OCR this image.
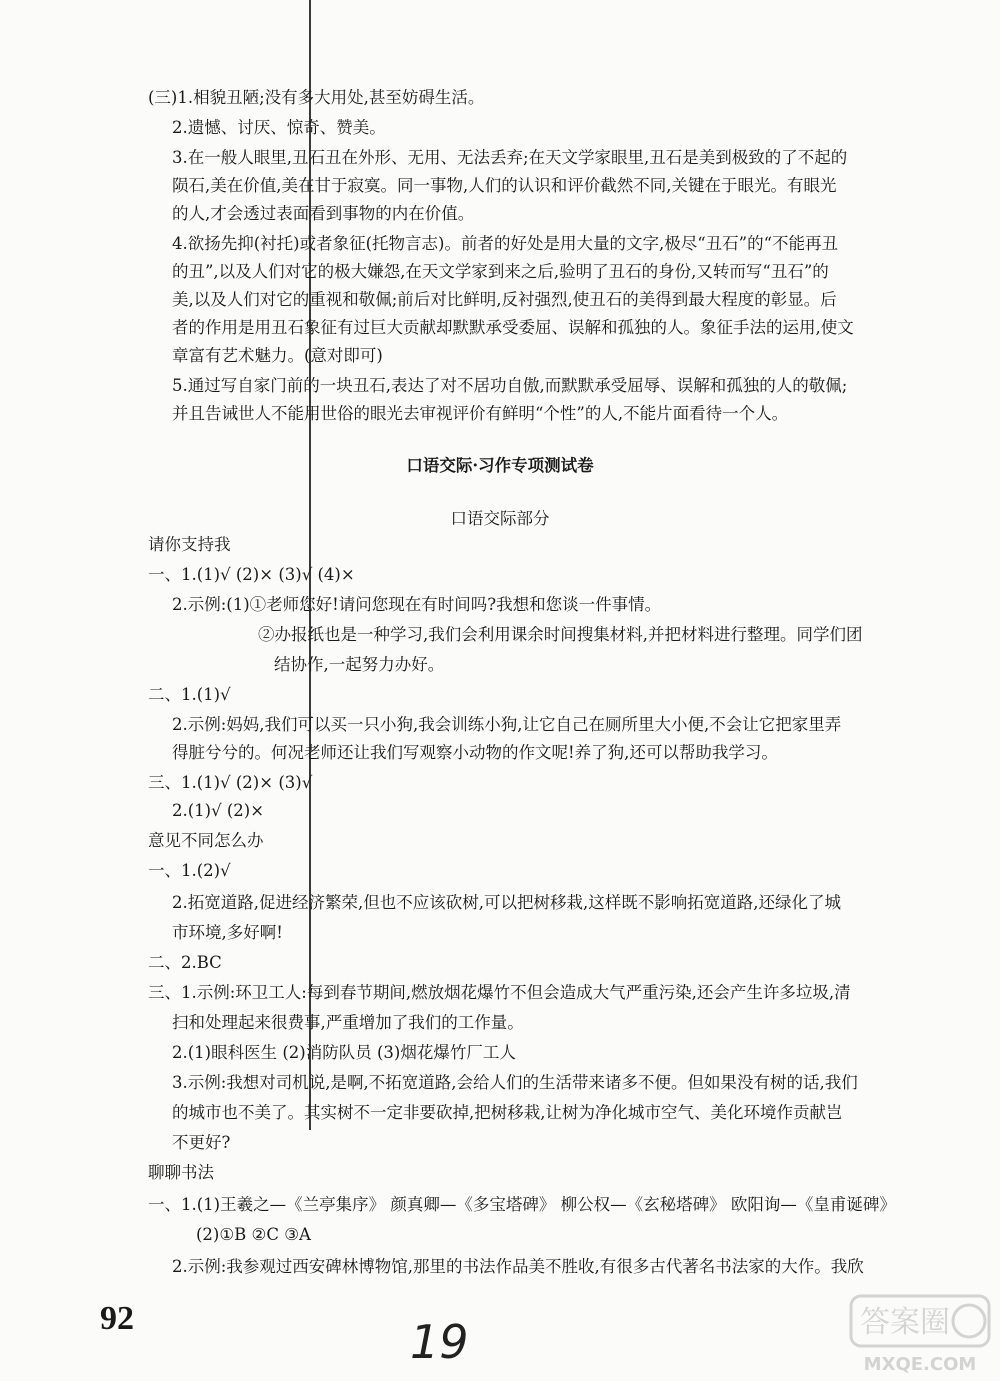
(三)1.相貌丑陋;没有多大用处,甚至妨碍生活。
2.遗憾、讨厌、惊奇、赞美。
3.在一般人眼里,丑石丑在外形、无用、无法丢弃;在天文学家眼里,丑石是美到极致的了不起的
陨石,美在价值,美在甘于寂寞。同一事物,人们的认识和评价截然不同,关键在于眼光。有眼光
的人,才会透过表面看到事物的内在价值。
4.欲扬先抑(衬托)或者象征(托物言志)。前者的好处是用大量的文字,极尽“丑石”的“不能再丑
的丑”,以及人们对它的极大嫌怨,在天文学家到来之后,验明了丑石的身份,又转而写“丑石”的
美,以及人们对它的重视和敬佩;前后对比鲜明,反衬强烈,使丑石的美得到最大程度的彰显。后
者的作用是用丑石象征有过巨大贡献却默默承受委屈、误解和孤独的人。象征手法的运用,使文
章富有艺术魅力。(意对即可)
5.通过写自家门前的一块丑石,表达了对不居功自傲,而默默承受屈辱、误解和孤独的人的敬佩;
并且告诫世人不能用世俗的眼光去审视评价有鲜明“个性”的人,不能片面看待一个人。
口语交际·习作专项测试卷
口语交际部分
请你支持我
一、1.(1)√ (2)× (3)√ (4)×
2.示例:(1)①老师您好!请问您现在有时间吗?我想和您谈一件事情。
②办报纸也是一种学习,我们会利用课余时间搜集材料,并把材料进行整理。同学们团
结协作,一起努力办好。
二、1.(1)√
2.示例:妈妈,我们可以买一只小狗,我会训练小狗,让它自己在厕所里大小便,不会让它把家里弄
得脏兮兮的。何况老师还让我们写观察小动物的作文呢!养了狗,还可以帮助我学习。
三、1.(1)√ (2)× (3)√
2.(1)√ (2)×
意见不同怎么办
一、1.(2)√
2.拓宽道路,促进经济繁荣,但也不应该砍树,可以把树移栽,这样既不影响拓宽道路,还绿化了城
市环境,多好啊!
二、2.BC
三、1.示例:环卫工人:每到春节期间,燃放烟花爆竹不但会造成大气严重污染,还会产生许多垃圾,清
扫和处理起来很费事,严重增加了我们的工作量。
2.(1)眼科医生 (2)消防队员 (3)烟花爆竹厂工人
3.示例:我想对司机说,是啊,不拓宽道路,会给人们的生活带来诸多不便。但如果没有树的话,我们
的城市也不美了。其实树不一定非要砍掉,把树移栽,让树为净化城市空气、美化环境作贡献岂
不更好?
聊聊书法
一、1.(1)王羲之—《兰亭集序》 颜真卿—《多宝塔碑》 柳公权—《玄秘塔碑》 欧阳询—《皇甫诞碑》
(2)①B ②C ③A
2.示例:我参观过西安碑林博物馆,那里的书法作品美不胜收,有很多古代著名书法家的大作。我欣
92	19	答案圈
MXQE.COM
